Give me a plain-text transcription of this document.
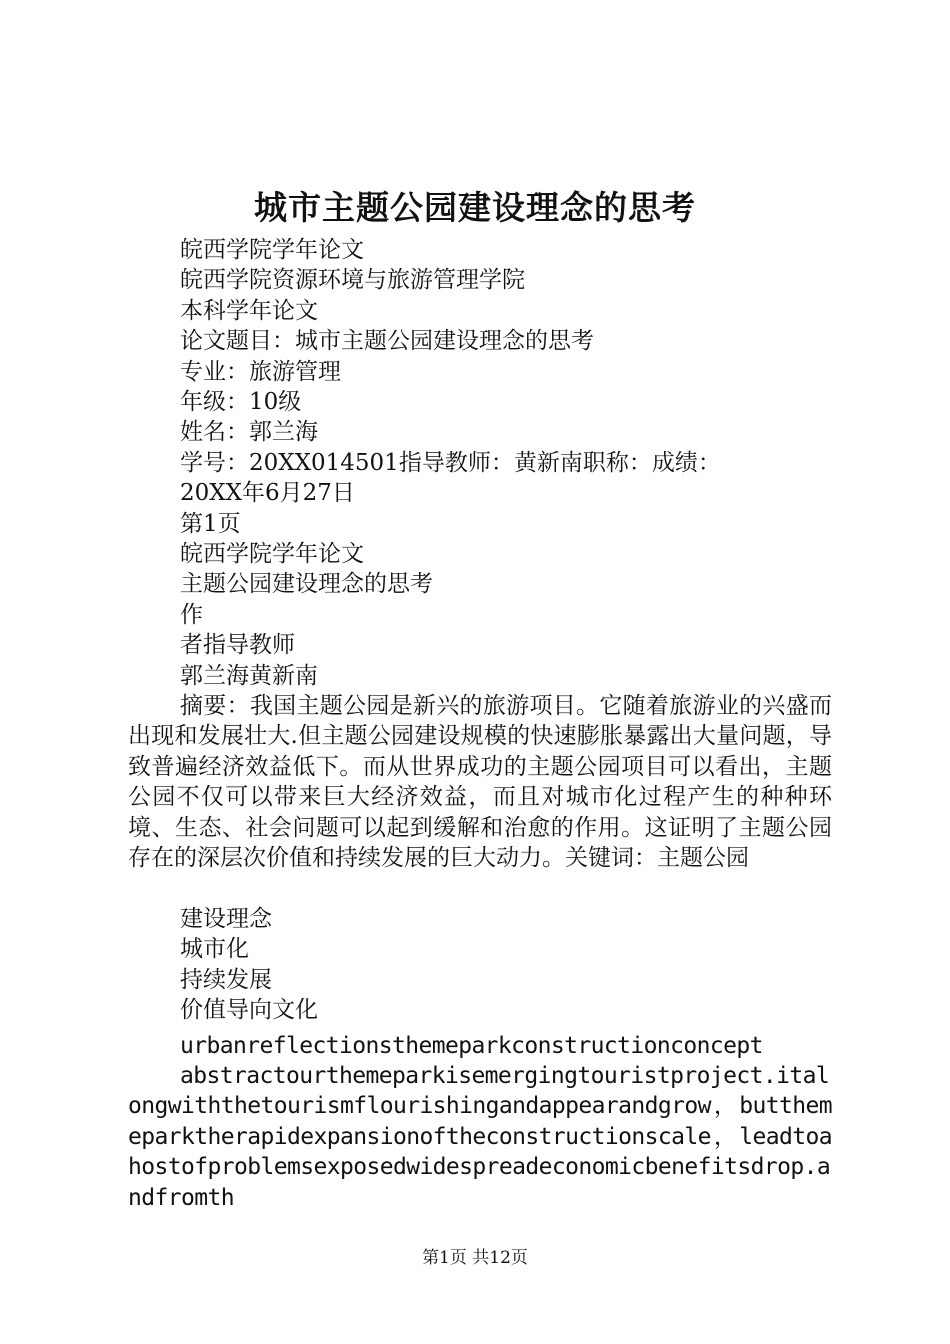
城市主题公园建设理念的思考
皖西学院学年论文
皖西学院资源环境与旅游管理学院
本科学年论文
论文题目：城市主题公园建设理念的思考
专业：旅游管理
年级：10级
姓名：郭兰海
学号：20XX014501指导教师：黄新南职称：成绩：
20XX年6月27日
第1页
皖西学院学年论文
主题公园建设理念的思考
作
者指导教师
郭兰海黄新南
摘要：我国主题公园是新兴的旅游项目。它随着旅游业的兴盛而出现和发展壮大.但主题公园建设规模的快速膨胀暴露出大量问题，导致普遍经济效益低下。而从世界成功的主题公园项目可以看出，主题公园不仅可以带来巨大经济效益，而且对城市化过程产生的种种环境、生态、社会问题可以起到缓解和治愈的作用。这证明了主题公园存在的深层次价值和持续发展的巨大动力。关键词：主题公园
建设理念
城市化
持续发展
价值导向文化
urbanreflectionsthemeparkconstructionconcept
abstractourthemeparkisemergingtouristproject.italongwiththetourismflourishingandappearandgrow，butthemeparktherapidexpansionoftheconstructionscale，leadtoahostofproblemsexposedwidespreadeconomicbenefitsdrop.andfromth
第1页 共12页
